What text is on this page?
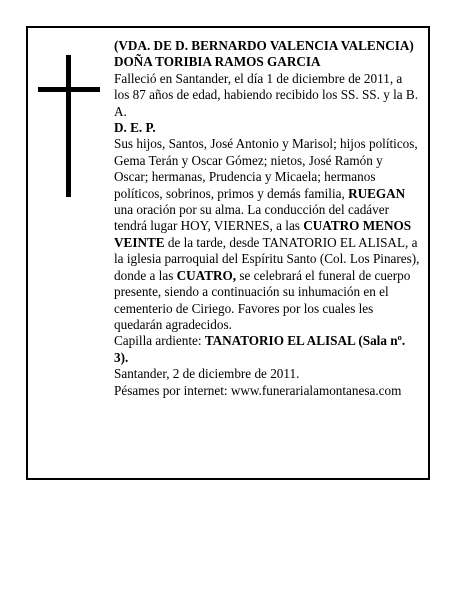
(VDA. DE D. BERNARDO VALENCIA VALENCIA)

DOÑA TORIBIA RAMOS GARCIA

Falleció en Santander, el día 1 de diciembre de 2011, a los 87 años de edad, habiendo recibido los SS. SS. y la B. A.

D. E. P.

Sus hijos, Santos, José Antonio y Marisol; hijos políticos, Gema Terán y Oscar Gómez; nietos, José Ramón y Oscar; hermanas, Prudencia y Micaela; hermanos políticos, sobrinos, primos y demás familia, RUEGAN una oración por su alma. La conducción del cadáver tendrá lugar HOY, VIERNES, a las CUATRO MENOS VEINTE de la tarde, desde TANATORIO EL ALISAL, a la iglesia parroquial del Espíritu Santo (Col. Los Pinares), donde a las CUATRO, se celebrará el funeral de cuerpo presente, siendo a continuación su inhumación en el cementerio de Ciriego. Favores por los cuales les quedarán agradecidos.

Capilla ardiente: TANATORIO EL ALISAL (Sala nº. 3).

Santander, 2 de diciembre de 2011.

Pésames por internet: www.funerarialamontanesa.com
